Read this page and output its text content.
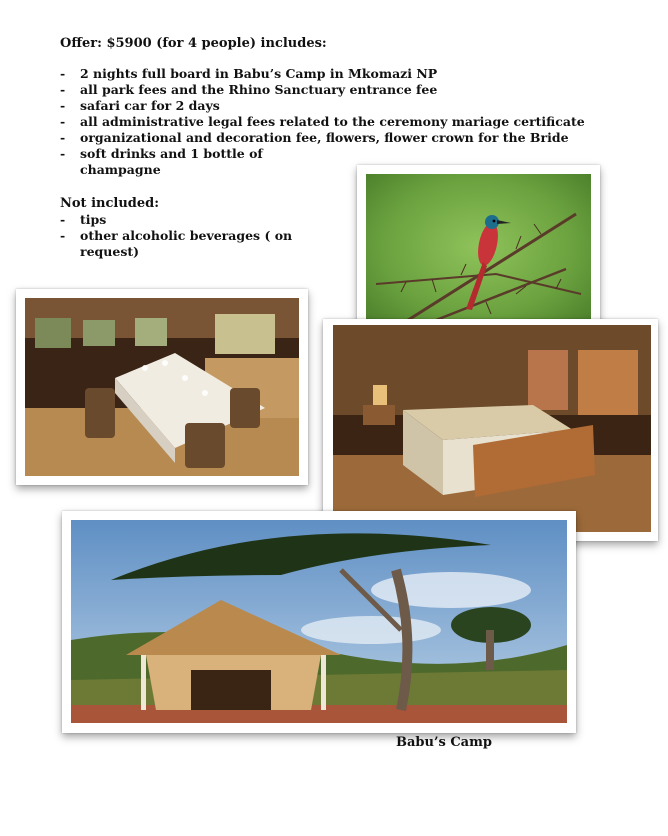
Offer: $5900 (for 4 people) includes:
- 2 nights full board in Babu’s Camp in Mkomazi NP
- all park fees and the Rhino Sanctuary entrance fee
- safari car for 2 days
- all administrative legal fees related to the ceremony mariage certificate
- organizational and decoration fee, flowers, flower crown for the Bride
- soft drinks and 1 bottle of champagne
Not included:
- tips
- other alcoholic beverages ( on request)

Babu’s Camp
